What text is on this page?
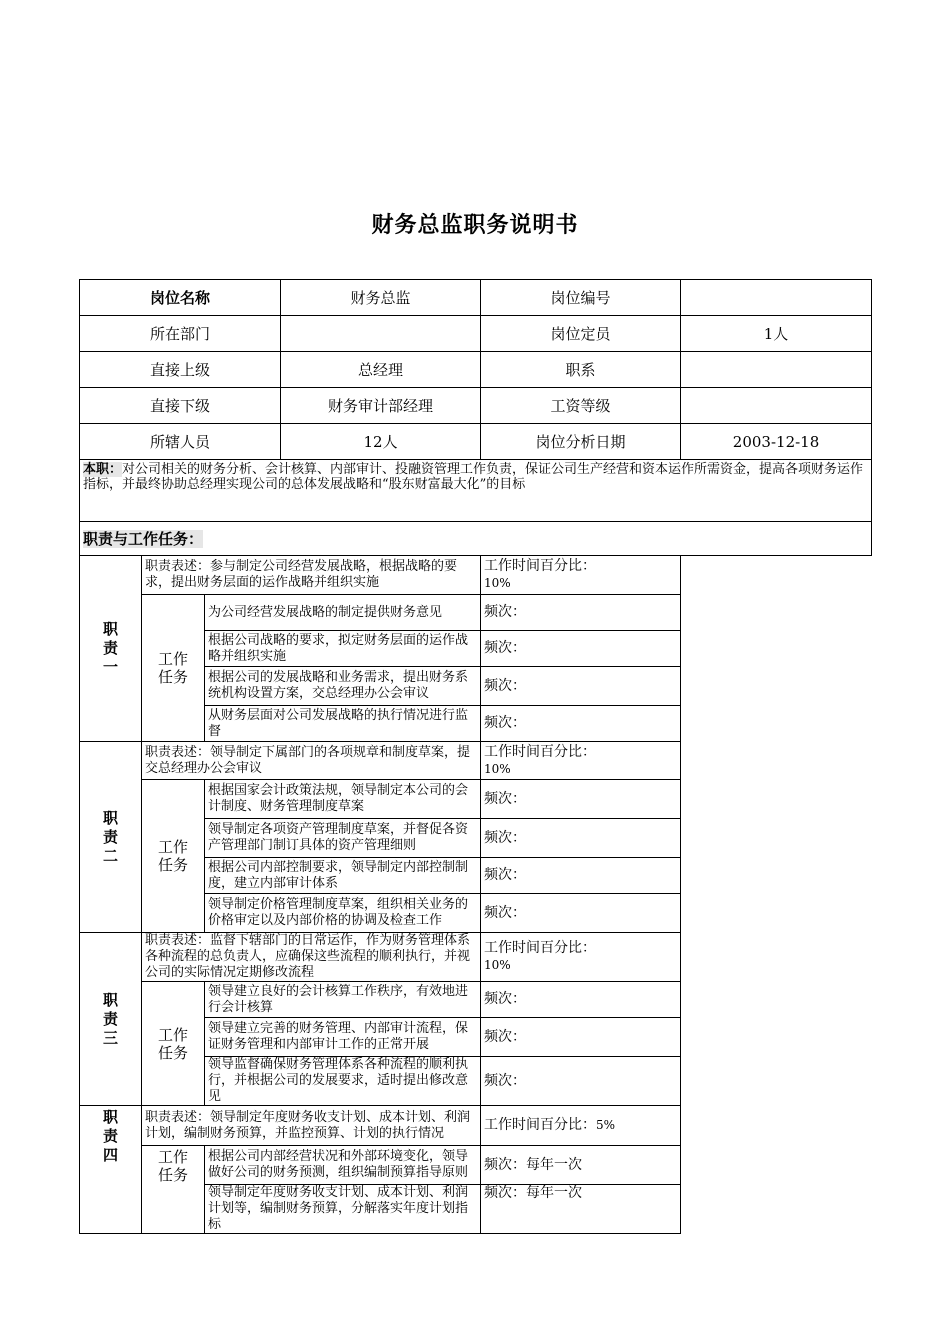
财务总监职务说明书
岗位名称			财务总监	岗位编号	
所在部门				岗位定员	1人
直接上级			总经理	职系	
直接下级			财务审计部经理	工资等级	
所辖人员			12人	岗位分析日期	2003-12-18
本职：对公司相关的财务分析、会计核算、内部审计、投融资管理工作负责，保证公司生产经营和资本运作所需资金，提高各项财务运作指标，并最终协助总经理实现公司的总体发展战略和“股东财富最大化”的目标					
职责与工作任务：					
职责一	职责表述：参与制定公司经营发展战略，根据战略的要求，提出财务层面的运作战略并组织实施			工作时间百分比：
10%	
	工作任务	为公司经营发展战略的制定提供财务意见		频次：	
		根据公司战略的要求，拟定财务层面的运作战略并组织实施		频次：	
		根据公司的发展战略和业务需求，提出财务系统机构设置方案，交总经理办公会审议		频次：	
		从财务层面对公司发展战略的执行情况进行监督		频次：	
职责二	职责表述：领导制定下属部门的各项规章和制度草案，提交总经理办公会审议			工作时间百分比：
10%	
	工作任务	根据国家会计政策法规，领导制定本公司的会计制度、财务管理制度草案		频次：	
		领导制定各项资产管理制度草案，并督促各资产管理部门制订具体的资产管理细则		频次：	
		根据公司内部控制要求，领导制定内部控制制度，建立内部审计体系		频次：	
		领导制定价格管理制度草案，组织相关业务的价格审定以及内部价格的协调及检查工作		频次：	
职责三	职责表述：监督下辖部门的日常运作，作为财务管理体系各种流程的总负责人，应确保这些流程的顺利执行，并视公司的实际情况定期修改流程			工作时间百分比：
10%	
	工作任务	领导建立良好的会计核算工作秩序，有效地进行会计核算		频次：	
		领导建立完善的财务管理、内部审计流程，保证财务管理和内部审计工作的正常开展		频次：	
		领导监督确保财务管理体系各种流程的顺利执行，并根据公司的发展要求，适时提出修改意见		频次：	
职责四	职责表述：领导制定年度财务收支计划、成本计划、利润计划，编制财务预算，并监控预算、计划的执行情况			工作时间百分比：5%	
	工作任务	根据公司内部经营状况和外部环境变化，领导做好公司的财务预测，组织编制预算指导原则		频次：每年一次	
		领导制定年度财务收支计划、成本计划、利润计划等，编制财务预算，分解落实年度计划指标		频次：每年一次	
